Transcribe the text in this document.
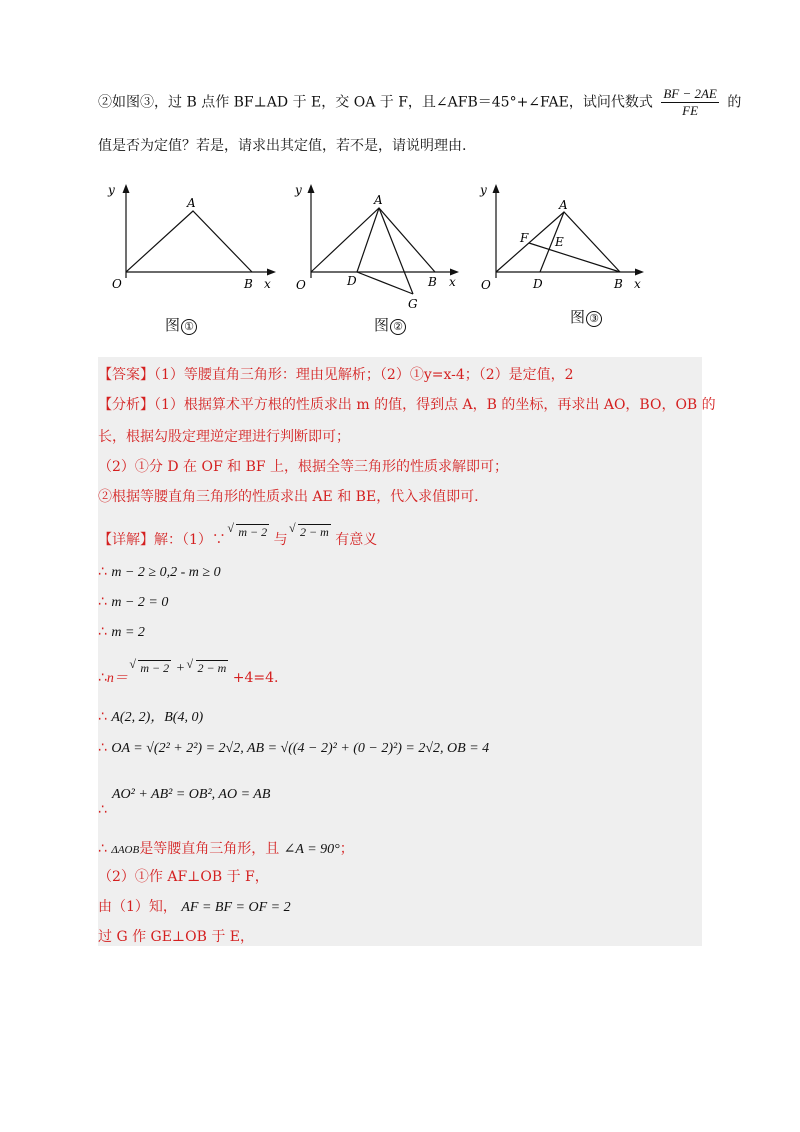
②如图③，过 B 点作 BF⊥AD 于 E，交 OA 于 F，且∠AFB＝45°+∠FAE，试问代数式 $\frac{BF - 2AE}{FE}$ 的
值是否为定值？若是，请求出其定值，若不是，请说明理由.
y
A
O	B x
图 ①
y
A
O	D	B x
G
图 ②
y
A
F E
O	D	B x
图 ③
【答案】（1）等腰直角三角形：理由见解析；（2）①y=x-4；（2）是定值，2
【分析】（1）根据算术平方根的性质求出 m 的值，得到点 A，B 的坐标，再求出 AO，BO，OB 的
长，根据勾股定理逆定理进行判断即可；
（2）①分 D 在 OF 和 BF 上，根据全等三角形的性质求解即可；
②根据等腰直角三角形的性质求出 AE 和 BE，代入求值即可.
【详解】解：（1）∵ √ m − 2 与 √ 2 − m 有意义
∴ m − 2 ≥ 0,2 - m ≥ 0
∴ m − 2 = 0
∴ m = 2
∴n＝ √ m − 2 + √ 2 − m +4=4.
∴ A(2, 2)，B(4, 0)
∴ OA = √(2² + 2²) = 2√2, AB = √((4 − 2)² + (0 − 2)²) = 2√2, OB = 4
AO² + AB² = OB², AO = AB
∴
∴ ΔAOB是等腰直角三角形，且 ∠A = 90°；
（2）①作 AF⊥OB 于 F，
由（1）知， AF = BF = OF = 2
过 G 作 GE⊥OB 于 E，
